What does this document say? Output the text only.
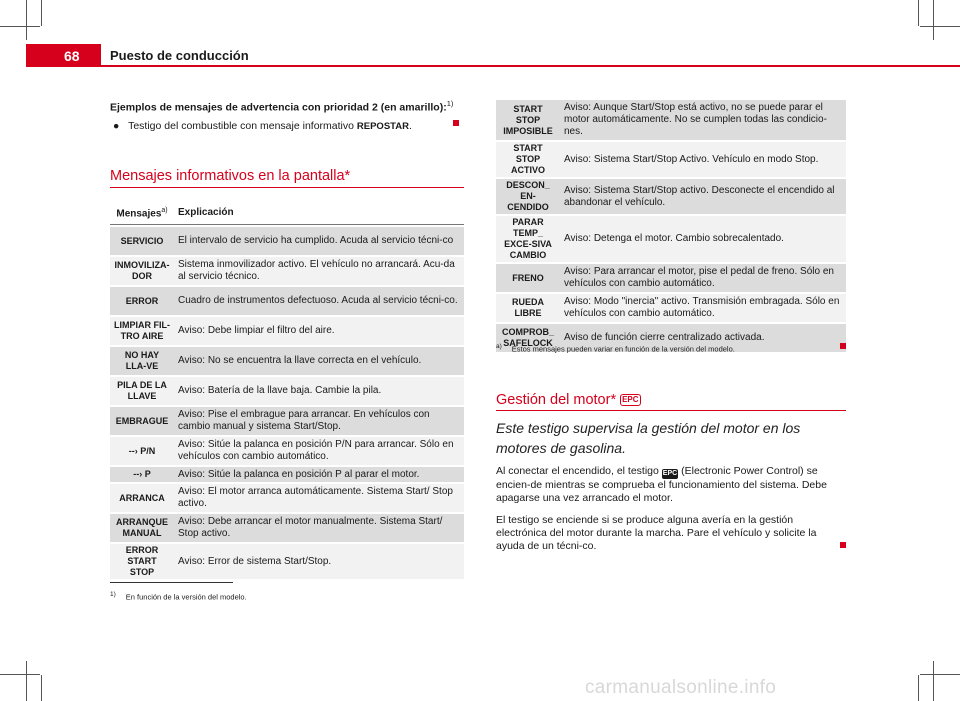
68	Puesto de conducción
Ejemplos de mensajes de advertencia con prioridad 2 (en amarillo):$^{1)}$
●   Testigo del combustible con mensaje informativo REPOSTAR.
Mensajes informativos en la pantalla*
Mensajes$^{a)}$	Explicación
SERVICIO	El intervalo de servicio ha cumplido. Acuda al servicio técni-co
INMOVILIZA-DOR	Sistema inmovilizador activo. El vehículo no arrancará. Acu-da al servicio técnico.
ERROR	Cuadro de instrumentos defectuoso. Acuda al servicio técni-co.
LIMPIAR FIL-TRO AIRE	Aviso: Debe limpiar el filtro del aire.
NO HAY LLA-VE	Aviso: No se encuentra la llave correcta en el vehículo.
PILA DE LA LLAVE	Aviso: Batería de la llave baja. Cambie la pila.
EMBRAGUE	Aviso: Pise el embrague para arrancar. En vehículos con cambio manual y sistema Start/Stop.
--› P/N	Aviso: Sitúe la palanca en posición P/N para arrancar. Sólo en vehículos con cambio automático.
--› P	Aviso: Sitúe la palanca en posición P al parar el motor.
ARRANCA	Aviso: El motor arranca automáticamente. Sistema Start/ Stop activo.
ARRANQUE MANUAL	Aviso: Debe arrancar el motor manualmente. Sistema Start/ Stop activo.
ERROR START STOP	Aviso: Error de sistema Start/Stop.
START STOP IMPOSIBLE	Aviso: Aunque Start/Stop está activo, no se puede parar el motor automáticamente. No se cumplen todas las condicio-nes.
START STOP ACTIVO	Aviso: Sistema Start/Stop Activo. Vehículo en modo Stop.
DESCON_ EN-CENDIDO	Aviso: Sistema Start/Stop activo. Desconecte el encendido al abandonar el vehículo.
PARAR TEMP_ EXCE-SIVA CAMBIO	Aviso: Detenga el motor. Cambio sobrecalentado.
FRENO	Aviso: Para arrancar el motor, pise el pedal de freno. Sólo en vehículos con cambio automático.
RUEDA LIBRE	Aviso: Modo "inercia" activo. Transmisión embragada. Sólo en vehículos con cambio automático.
COMPROB_ SAFELOCK	Aviso de función cierre centralizado activada.
$^{a)}$ Estos mensajes pueden variar en función de la versión del modelo.
Gestión del motor* EPC
Este testigo supervisa la gestión del motor en los motores de gasolina.
Al conectar el encendido, el testigo EPC (Electronic Power Control) se encien-de mientras se comprueba el funcionamiento del sistema. Debe apagarse una vez arrancado el motor.
El testigo se enciende si se produce alguna avería en la gestión electrónica del motor durante la marcha. Pare el vehículo y solicite la ayuda de un técni-co.
$^{1)}$ En función de la versión del modelo.
carmanualsonline.info
